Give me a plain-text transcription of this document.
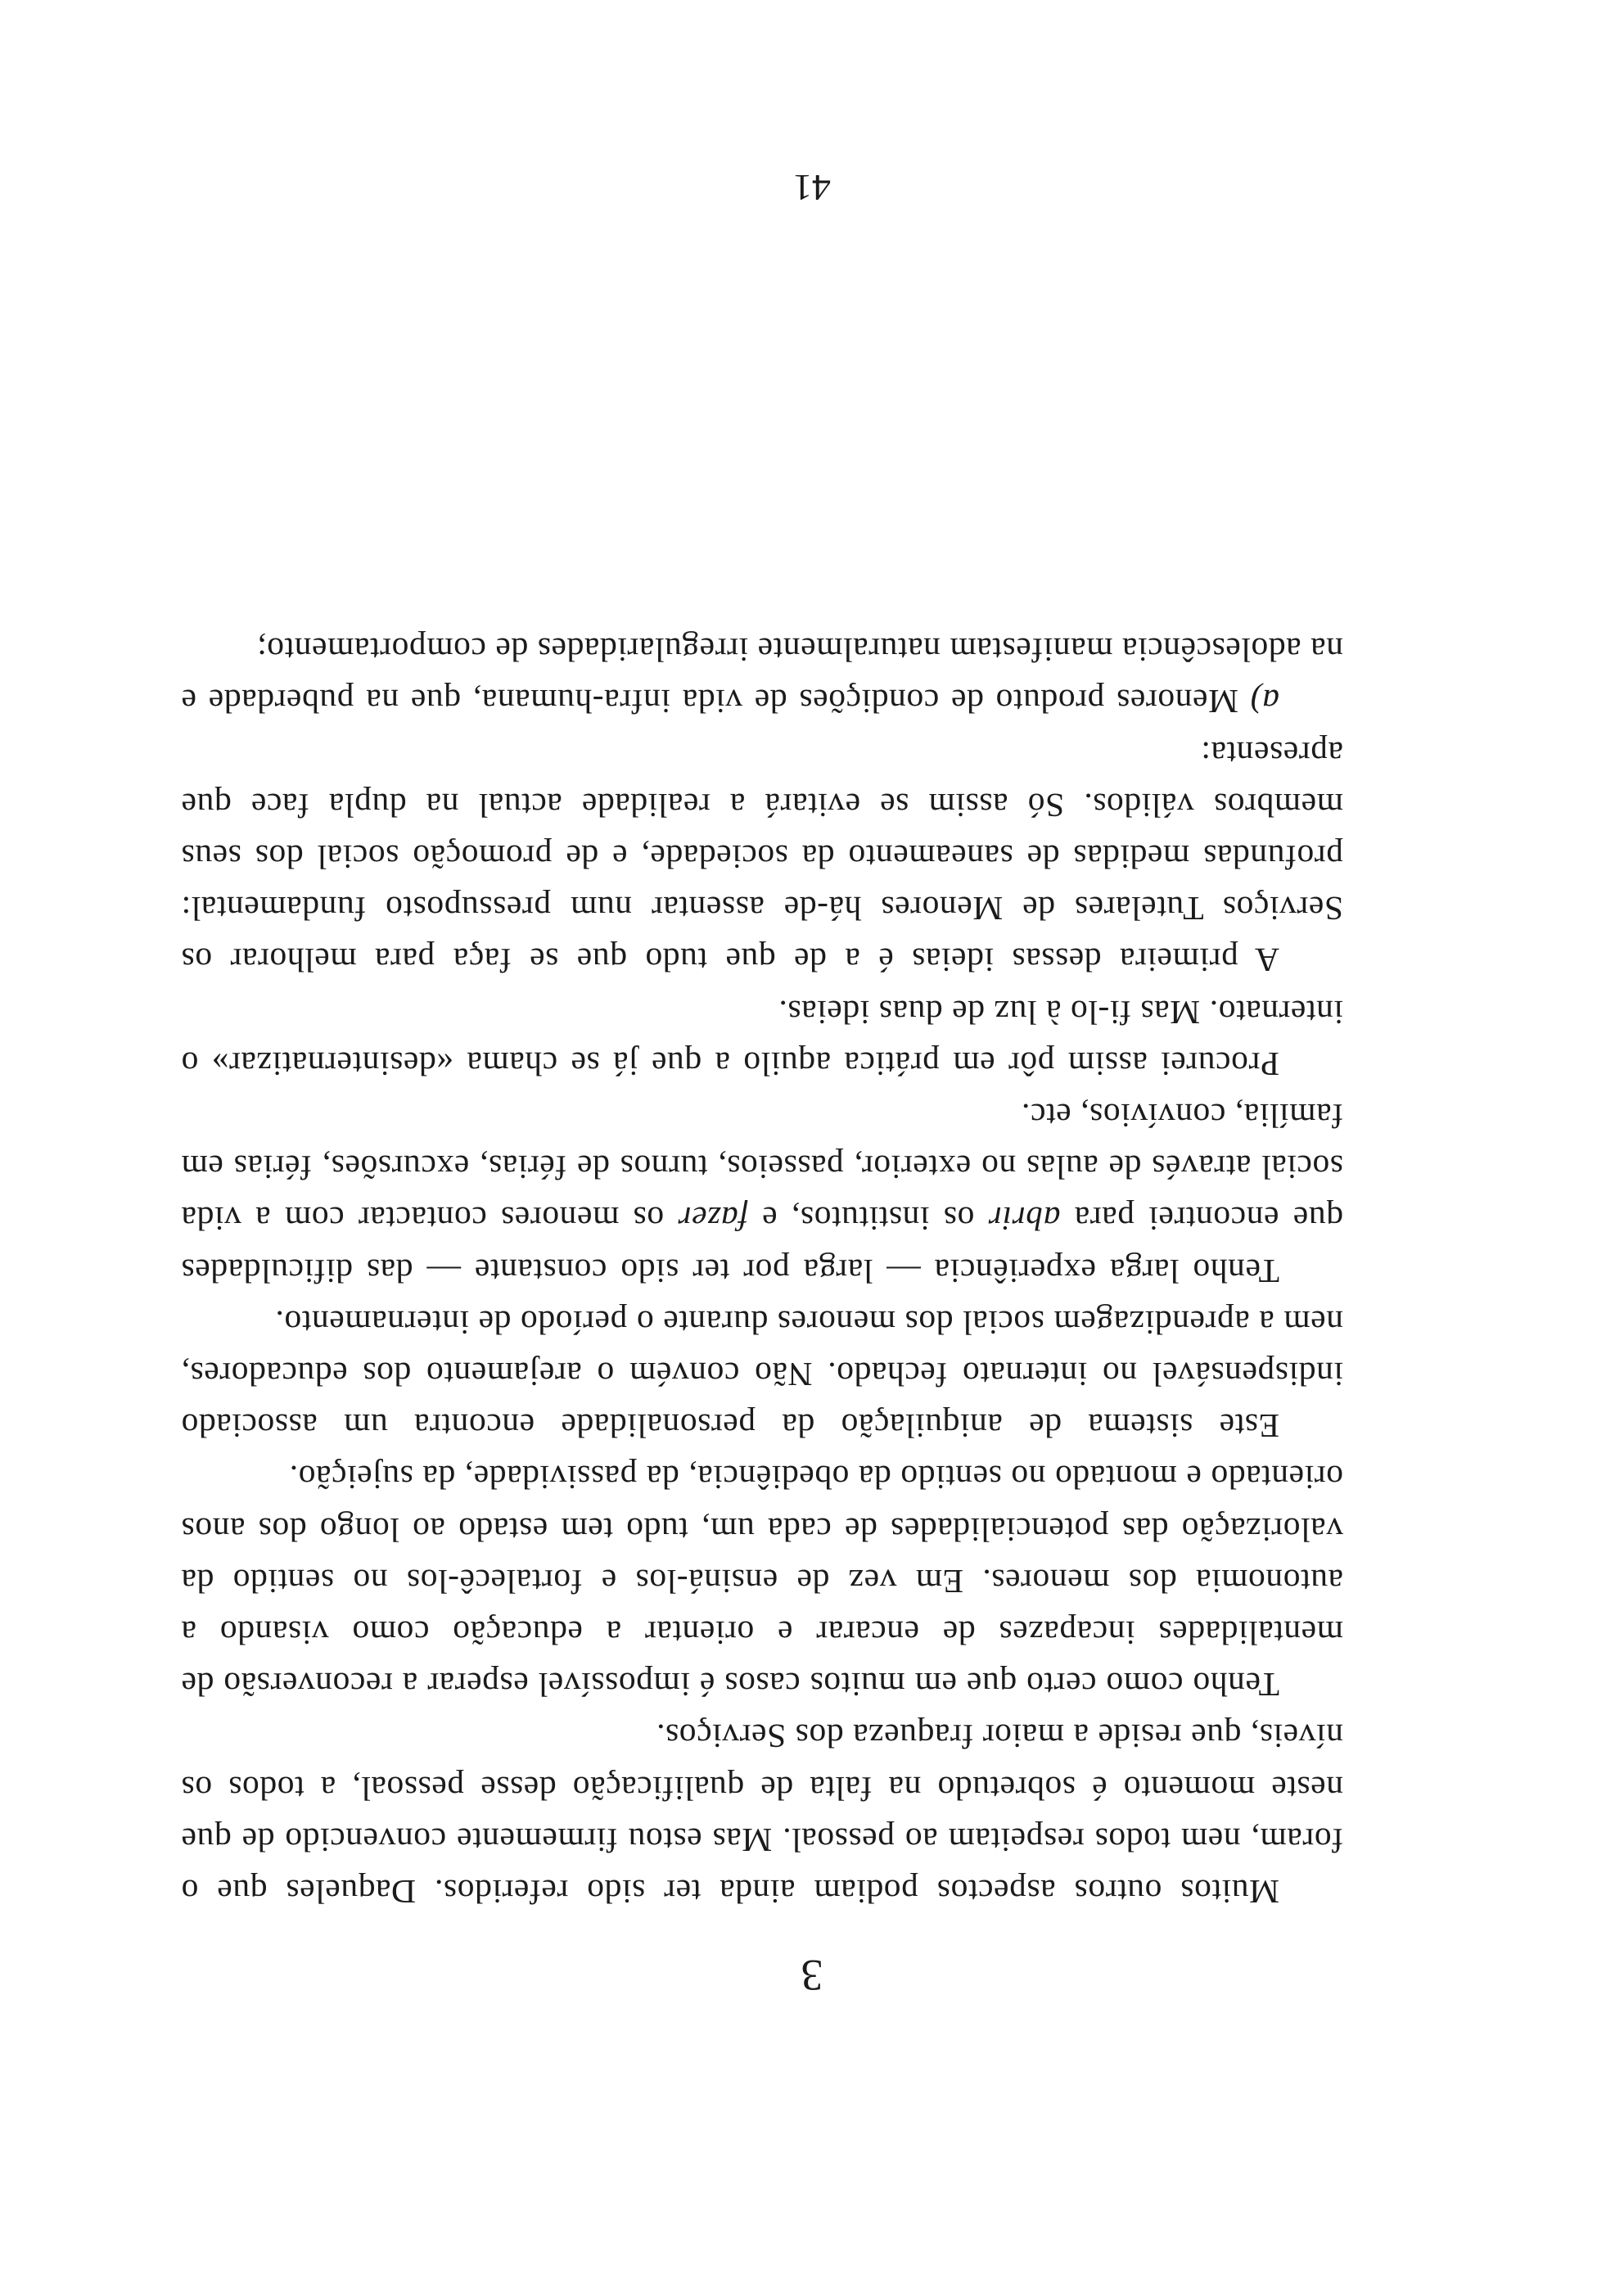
3

Muitos outros aspectos podiam ainda ter sido referidos. Daqueles que o foram, nem todos respeitam ao pessoal. Mas estou firmemente convencido de que neste momento é sobretudo na falta de qualificação desse pessoal, a todos os níveis, que reside a maior fraqueza dos Serviços.

Tenho como certo que em muitos casos é impossível esperar a reconversão de mentalidades incapazes de encarar e orientar a educação como visando a autonomia dos menores. Em vez de ensiná-los e fortalecê-los no sentido da valorização das potencialidades de cada um, tudo tem estado ao longo dos anos orientado e montado no sentido da obediência, da passividade, da sujeição.

Este sistema de aniquilação da personalidade encontra um associado indispensável no internato fechado. Não convém o arejamento dos educadores, nem a aprendizagem social dos menores durante o período de internamento.

Tenho larga experiência — larga por ter sido constante — das dificuldades que encontrei para abrir os institutos, e fazer os menores contactar com a vida social através de aulas no exterior, passeios, turnos de férias, excursões, férias em família, convívios, etc.

Procurei assim pôr em prática aquilo a que já se chama «desinternatizar» o internato. Mas fi-lo à luz de duas ideias.

A primeira dessas ideias é a de que tudo que se faça para melhorar os Serviços Tutelares de Menores há-de assentar num pressuposto fundamental: profundas medidas de saneamento da sociedade, e de promoção social dos seus membros válidos. Só assim se evitará a realidade actual na dupla face que apresenta:

a) Menores produto de condições de vida infra-humana, que na puberdade e na adolescência manifestam naturalmente irregularidades de comportamento;

41
